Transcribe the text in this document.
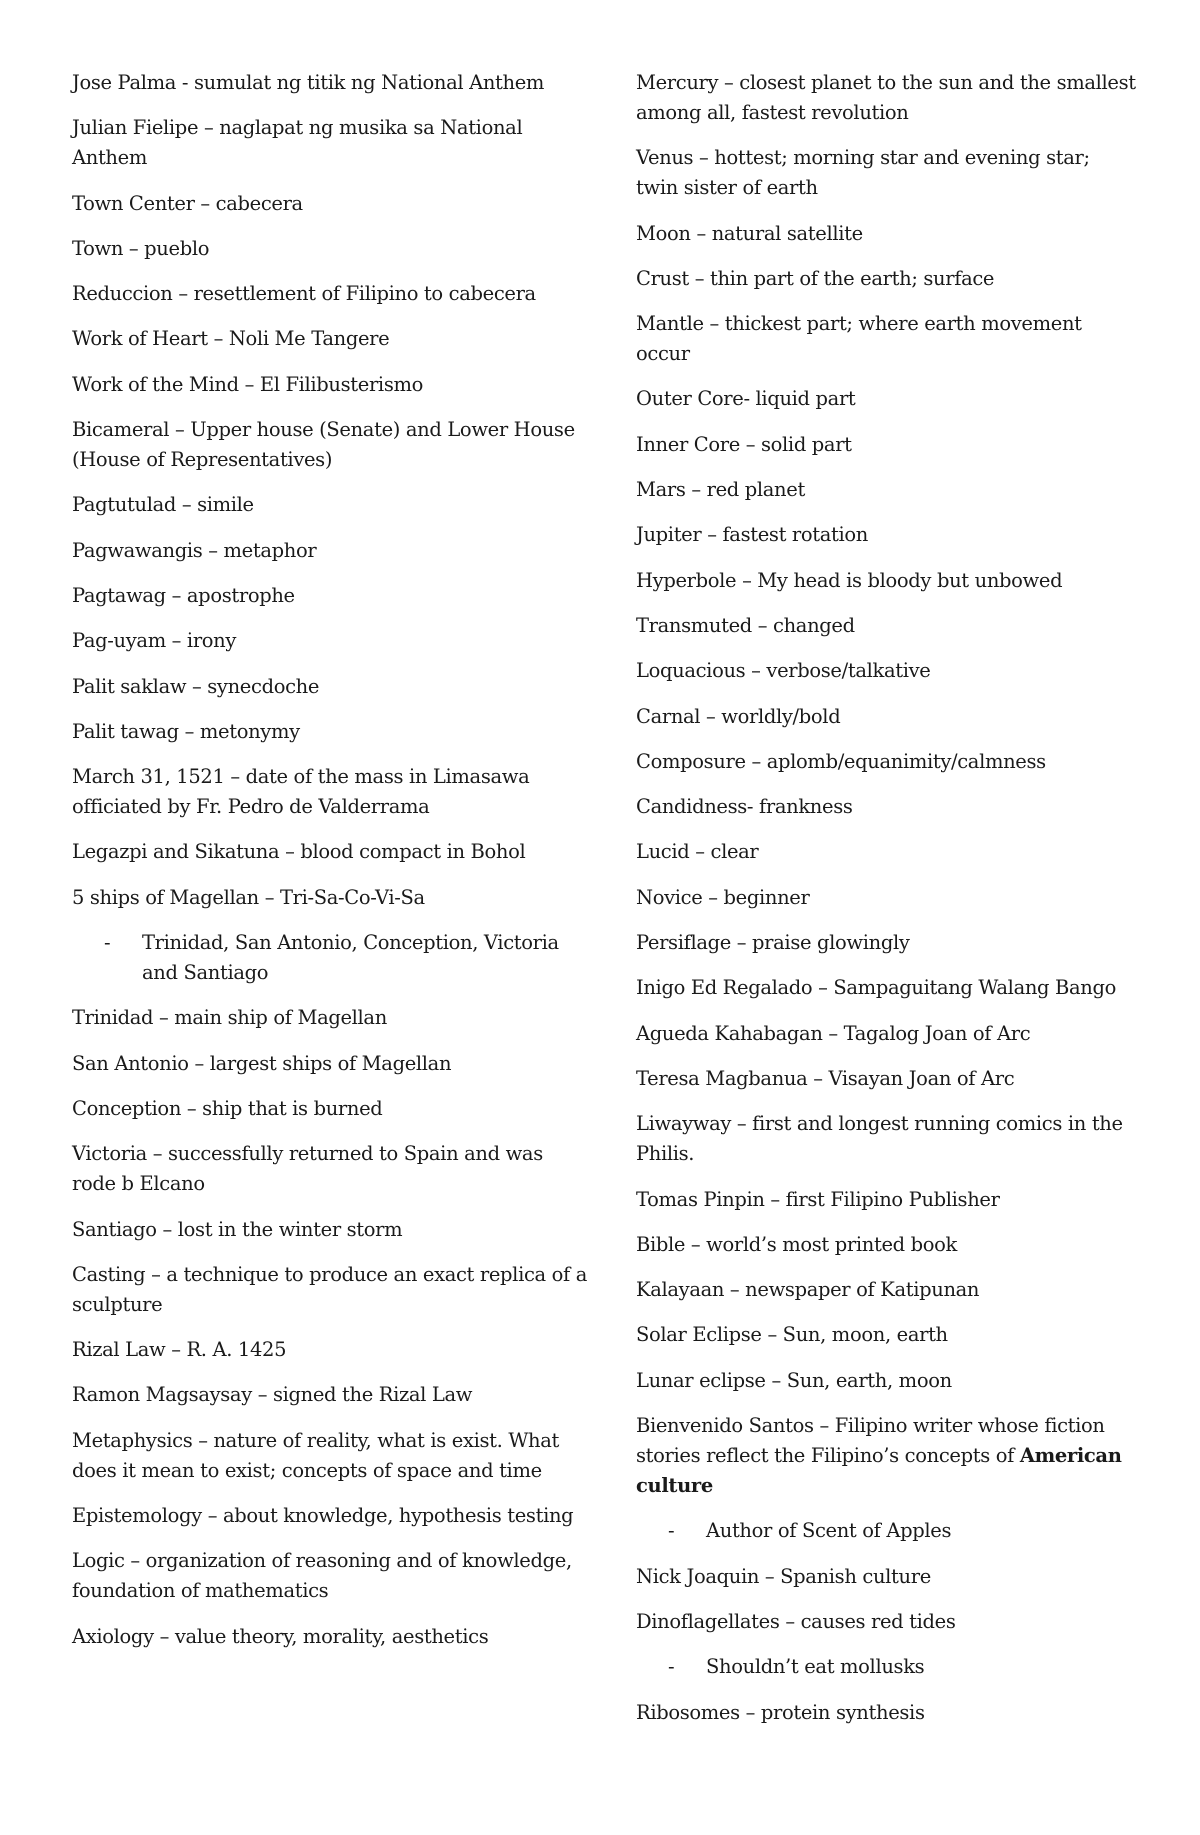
Jose Palma - sumulat ng titik ng National Anthem

Julian Fielipe – naglapat ng musika sa National Anthem

Town Center – cabecera

Town – pueblo

Reduccion – resettlement of Filipino to cabecera

Work of Heart – Noli Me Tangere

Work of the Mind – El Filibusterismo

Bicameral – Upper house (Senate) and Lower House (House of Representatives)

Pagtutulad – simile

Pagwawangis – metaphor

Pagtawag – apostrophe

Pag-uyam – irony

Palit saklaw – synecdoche

Palit tawag – metonymy

March 31, 1521 – date of the mass in Limasawa officiated by Fr. Pedro de Valderrama

Legazpi and Sikatuna – blood compact in Bohol

5 ships of Magellan – Tri-Sa-Co-Vi-Sa

- Trinidad, San Antonio, Conception, Victoria and Santiago

Trinidad – main ship of Magellan

San Antonio – largest ships of Magellan

Conception – ship that is burned

Victoria – successfully returned to Spain and was rode b Elcano

Santiago – lost in the winter storm

Casting – a technique to produce an exact replica of a sculpture

Rizal Law – R. A. 1425

Ramon Magsaysay – signed the Rizal Law

Metaphysics – nature of reality, what is exist. What does it mean to exist; concepts of space and time

Epistemology – about knowledge, hypothesis testing

Logic – organization of reasoning and of knowledge, foundation of mathematics

Axiology – value theory, morality, aesthetics

Mercury – closest planet to the sun and the smallest among all, fastest revolution

Venus – hottest; morning star and evening star; twin sister of earth

Moon – natural satellite

Crust – thin part of the earth; surface

Mantle – thickest part; where earth movement occur

Outer Core- liquid part

Inner Core – solid part

Mars – red planet

Jupiter – fastest rotation

Hyperbole – My head is bloody but unbowed

Transmuted – changed

Loquacious – verbose/talkative

Carnal – worldly/bold

Composure – aplomb/equanimity/calmness

Candidness- frankness

Lucid – clear

Novice – beginner

Persiflage – praise glowingly

Inigo Ed Regalado – Sampaguitang Walang Bango

Agueda Kahabagan – Tagalog Joan of Arc

Teresa Magbanua – Visayan Joan of Arc

Liwayway – first and longest running comics in the Philis.

Tomas Pinpin – first Filipino Publisher

Bible – world’s most printed book

Kalayaan – newspaper of Katipunan

Solar Eclipse – Sun, moon, earth

Lunar eclipse – Sun, earth, moon

Bienvenido Santos – Filipino writer whose fiction stories reflect the Filipino’s concepts of American culture

- Author of Scent of Apples

Nick Joaquin – Spanish culture

Dinoflagellates – causes red tides

- Shouldn’t eat mollusks

Ribosomes – protein synthesis
